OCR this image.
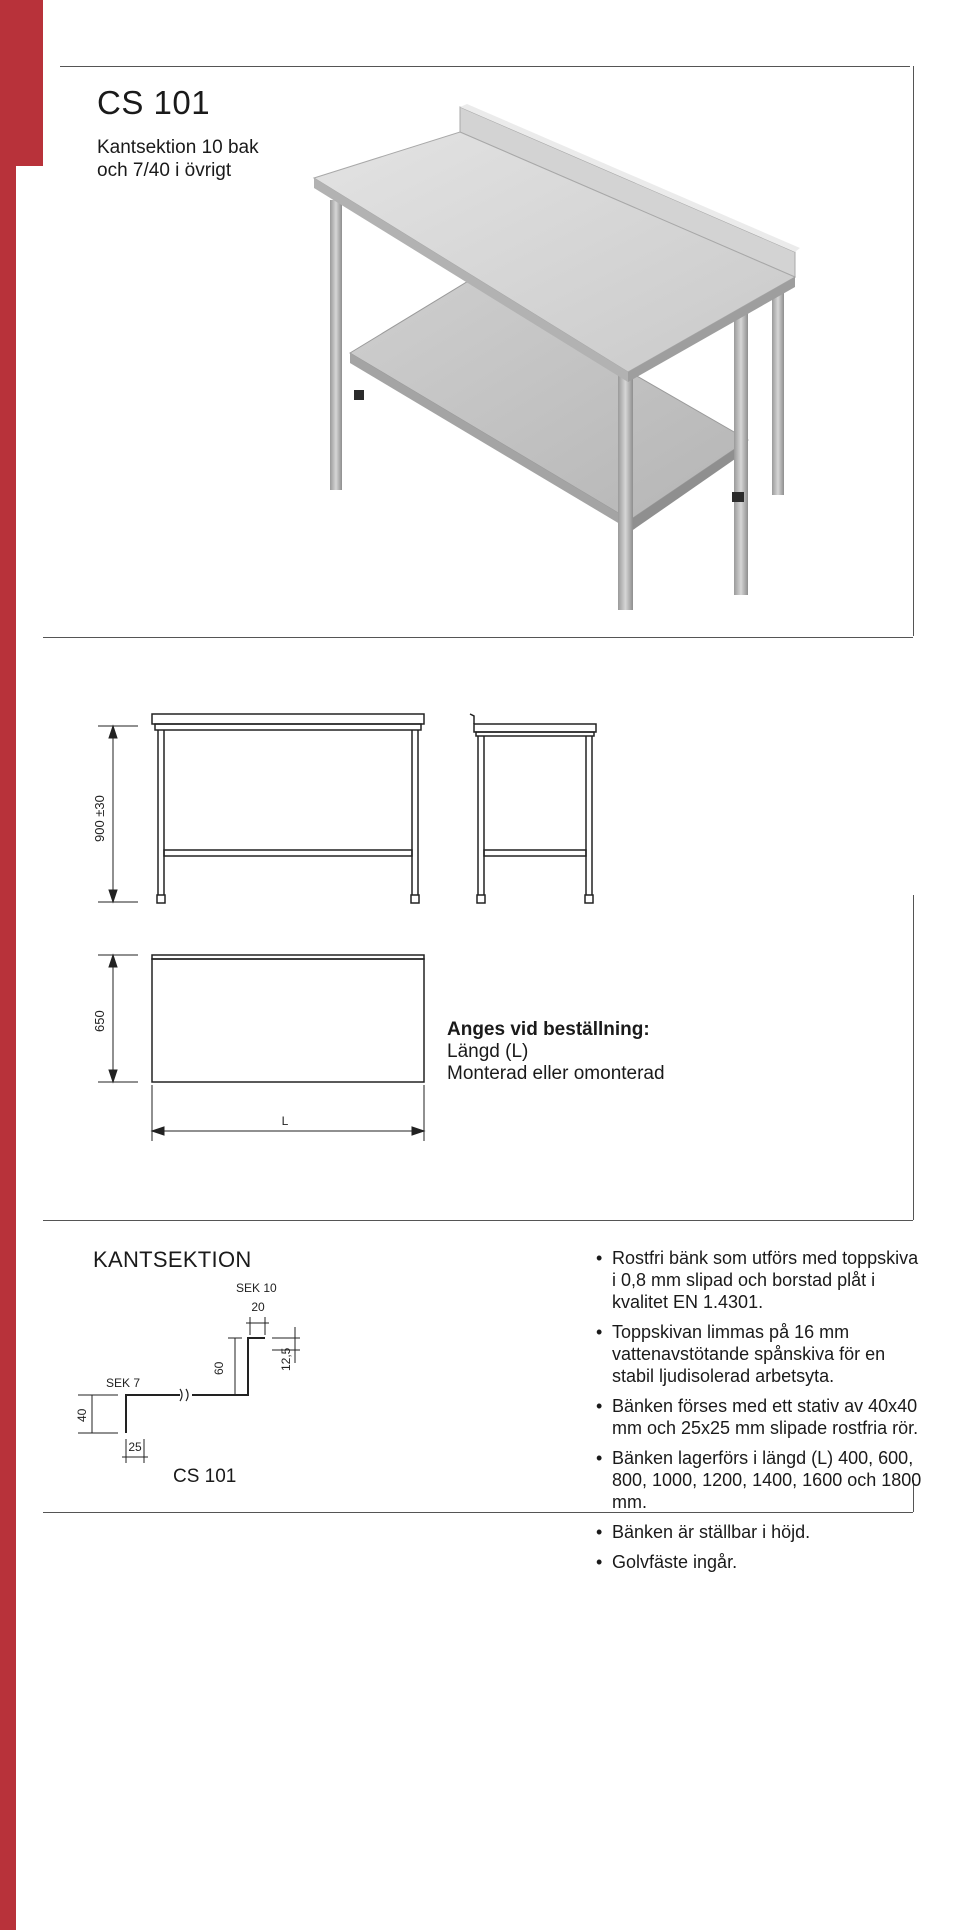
CS 101
Kantsektion 10 bak
och 7/40 i övrigt
900 ±30
650
L
Anges vid beställning:
Längd (L)
Monterad eller omonterad
KANTSEKTION
SEK 10
20
12,5
60
SEK 7
40
25
CS 101
• Rostfri bänk som utförs med toppskiva i 0,8 mm slipad och borstad plåt i kvalitet EN 1.4301.
• Toppskivan limmas på 16 mm vattenavstötande spånskiva för en stabil ljudisolerad arbetsyta.
• Bänken förses med ett stativ av 40x40 mm och 25x25 mm slipade rostfria rör.
• Bänken lagerförs i längd (L) 400, 600, 800, 1000, 1200, 1400, 1600 och 1800 mm.
• Bänken är ställbar i höjd.
• Golvfäste ingår.
